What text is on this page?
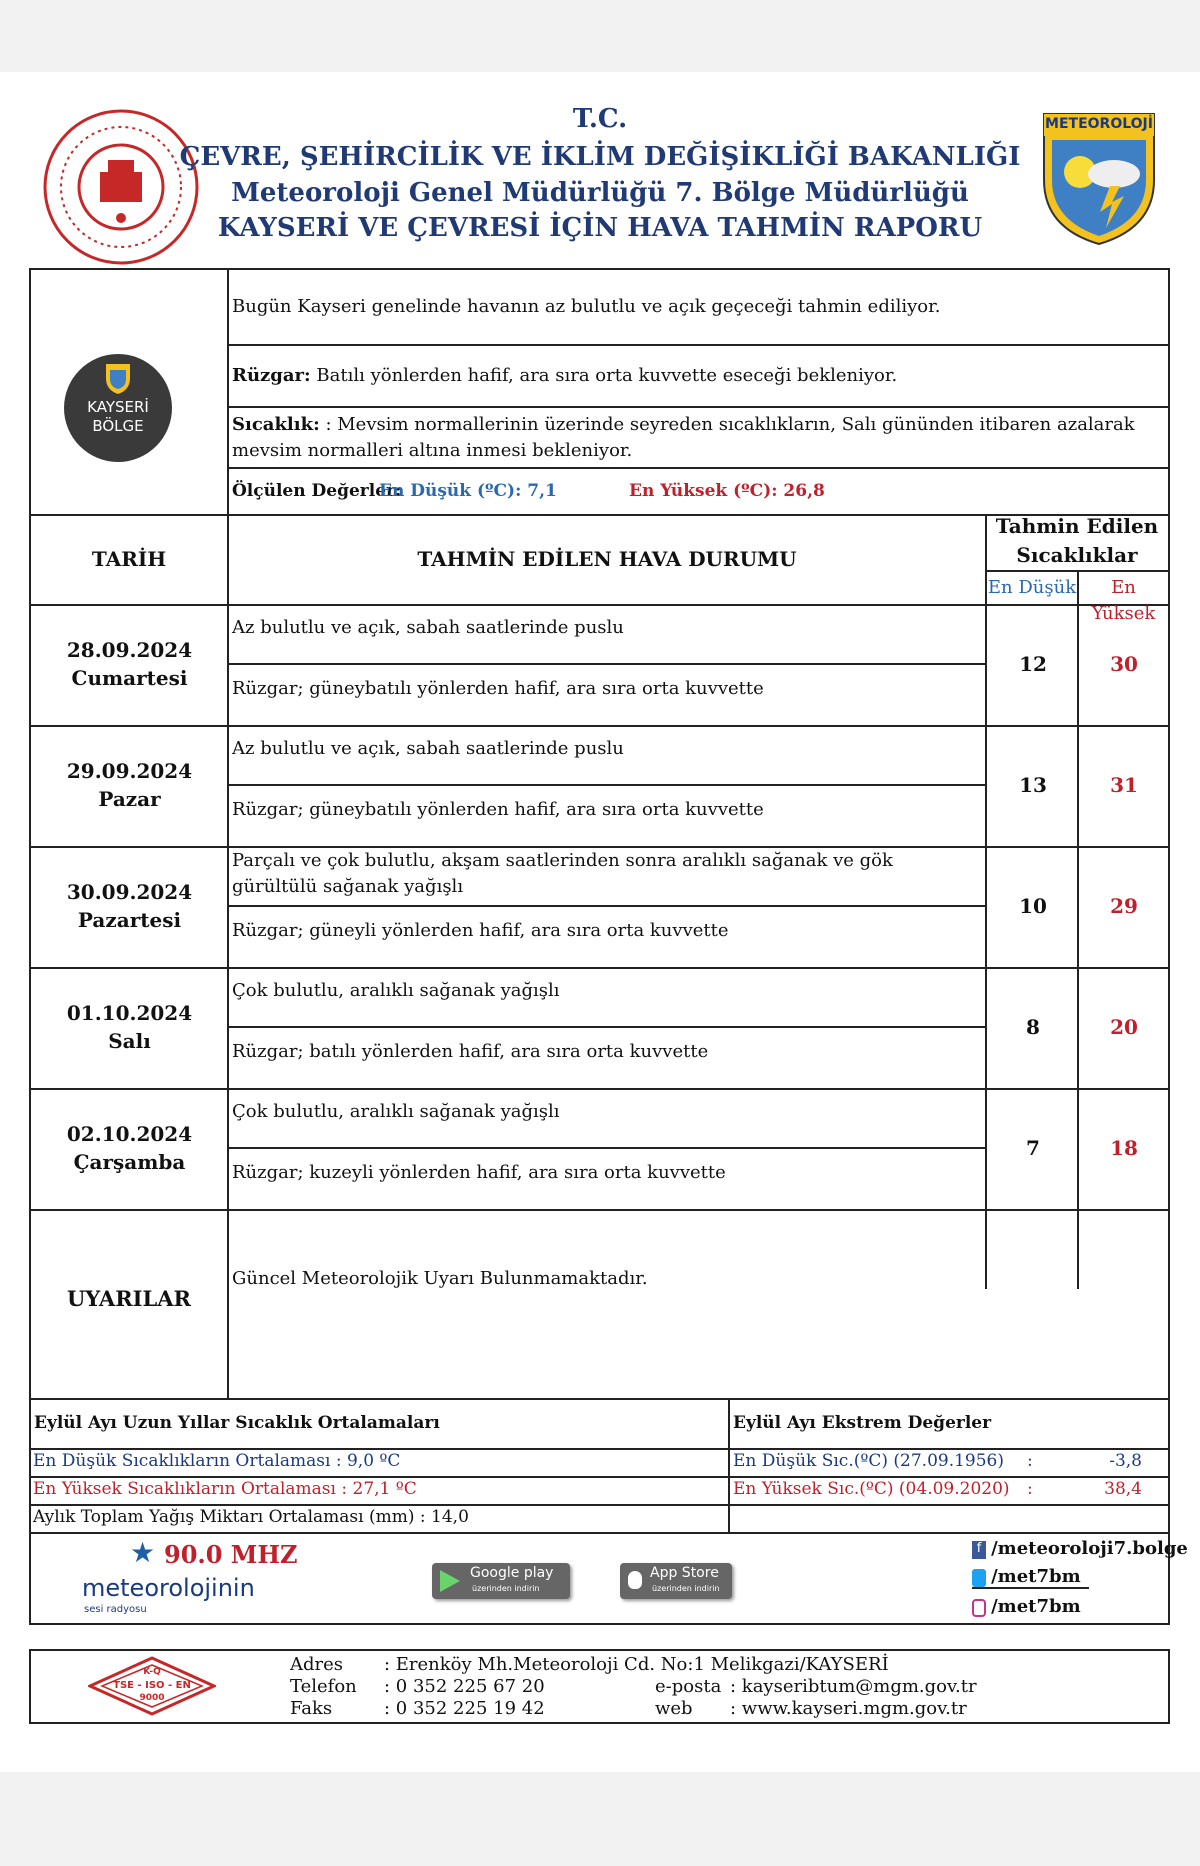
T.C.
ÇEVRE, ŞEHİRCİLİK VE İKLİM DEĞİŞİKLİĞİ BAKANLIĞI
Meteoroloji Genel Müdürlüğü 7. Bölge Müdürlüğü
KAYSERİ VE ÇEVRESİ İÇİN HAVA TAHMİN RAPORU
METEOROLOJİ
KAYSERİ
BÖLGE
Bugün Kayseri genelinde havanın az bulutlu ve açık geçeceği tahmin ediliyor.
Rüzgar: Batılı yönlerden hafif, ara sıra orta kuvvette eseceği bekleniyor.
Sıcaklık: : Mevsim normallerinin üzerinde seyreden sıcaklıkların, Salı gününden itibaren azalarak mevsim normalleri altına inmesi bekleniyor.
Ölçülen Değerler:
En Düşük (ºC): 7,1	En Yüksek (ºC): 26,8
TARİH	TAHMİN EDİLEN HAVA DURUMU
Tahmin Edilen Sıcaklıklar
En Düşük	En Yüksek
28.09.2024
Cumartesi
Az bulutlu ve açık, sabah saatlerinde puslu
Rüzgar; güneybatılı yönlerden hafif, ara sıra orta kuvvette
12	30
29.09.2024
Pazar
Az bulutlu ve açık, sabah saatlerinde puslu
Rüzgar; güneybatılı yönlerden hafif, ara sıra orta kuvvette
13	31
30.09.2024
Pazartesi
Parçalı ve çok bulutlu, akşam saatlerinden sonra aralıklı sağanak ve gök gürültülü sağanak yağışlı
Rüzgar; güneyli yönlerden hafif, ara sıra orta kuvvette
10	29
01.10.2024
Salı
Çok bulutlu, aralıklı sağanak yağışlı
Rüzgar; batılı yönlerden hafif, ara sıra orta kuvvette
8	20
02.10.2024
Çarşamba
Çok bulutlu, aralıklı sağanak yağışlı
Rüzgar; kuzeyli yönlerden hafif, ara sıra orta kuvvette
7	18
UYARILAR
Güncel Meteorolojik Uyarı Bulunmamaktadır.
Eylül Ayı Uzun Yıllar Sıcaklık Ortalamaları	Eylül Ayı Ekstrem Değerler
En Düşük Sıcaklıkların Ortalaması : 9,0 ºC
En Yüksek Sıcaklıkların Ortalaması : 27,1 ºC
Aylık Toplam Yağış Miktarı Ortalaması (mm) : 14,0
En Düşük Sıc.(ºC) (27.09.1956) :	-3,8
En Yüksek Sıc.(ºC) (04.09.2020) :	38,4
★ 90.0 MHZ
meteorolojinin
sesi radyosu
Google play
üzerinden indirin
App Store
üzerinden indirin
f /meteoroloji7.bolge
/met7bm
/met7bm
K-Q
TSE - ISO - EN
9000
Adres : Erenköy Mh.Meteoroloji Cd. No:1 Melikgazi/KAYSERİ
Telefon : 0 352 225 67 20
Faks	: 0 352 225 19 42
e-posta : kayseribtum@mgm.gov.tr
web : www.kayseri.mgm.gov.tr
